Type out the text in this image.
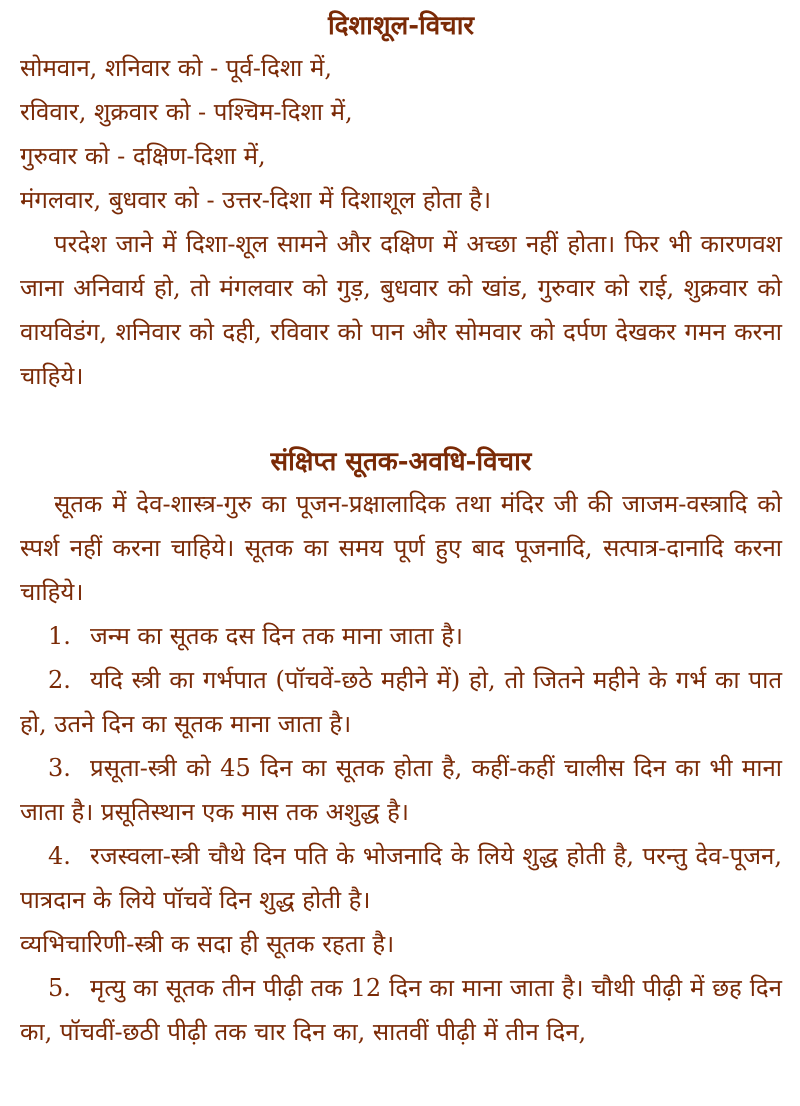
दिशाशूल-विचार

सोमवान, शनिवार को - पूर्व-दिशा में,

रविवार, शुक्रवार को - पश्चिम-दिशा में,

गुरुवार को - दक्षिण-दिशा में,

मंगलवार, बुधवार को - उत्तर-दिशा में दिशाशूल होता है।

परदेश जाने में दिशा-शूल सामने और दक्षिण में अच्छा नहीं होता। फिर भी कारणवश जाना अनिवार्य हो, तो मंगलवार को गुड़, बुधवार को खांड, गुरुवार को राई, शुक्रवार को वायविडंग, शनिवार को दही, रविवार को पान और सोमवार को दर्पण देखकर गमन करना चाहिये।

संक्षिप्त सूतक-अवधि-विचार

सूतक में देव-शास्त्र-गुरु का पूजन-प्रक्षालादिक तथा मंदिर जी की जाजम-वस्त्रादि को स्पर्श नहीं करना चाहिये। सूतक का समय पूर्ण हुए बाद पूजनादि, सत्पात्र-दानादि करना चाहिये।

1. जन्म का सूतक दस दिन तक माना जाता है।

2. यदि स्त्री का गर्भपात (पॉचवें-छठे महीने में) हो, तो जितने महीने के गर्भ का पात हो, उतने दिन का सूतक माना जाता है।

3. प्रसूता-स्त्री को 45 दिन का सूतक होता है, कहीं-कहीं चालीस दिन का भी माना जाता है। प्रसूतिस्थान एक मास तक अशुद्ध है।

4. रजस्वला-स्त्री चौथे दिन पति के भोजनादि के लिये शुद्ध होती है, परन्तु देव-पूजन, पात्रदान के लिये पॉचवें दिन शुद्ध होती है।

व्यभिचारिणी-स्त्री क सदा ही सूतक रहता है।

5. मृत्यु का सूतक तीन पीढ़ी तक 12 दिन का माना जाता है। चौथी पीढ़ी में छह दिन का, पॉचवीं-छठी पीढ़ी तक चार दिन का, सातवीं पीढ़ी में तीन दिन,
